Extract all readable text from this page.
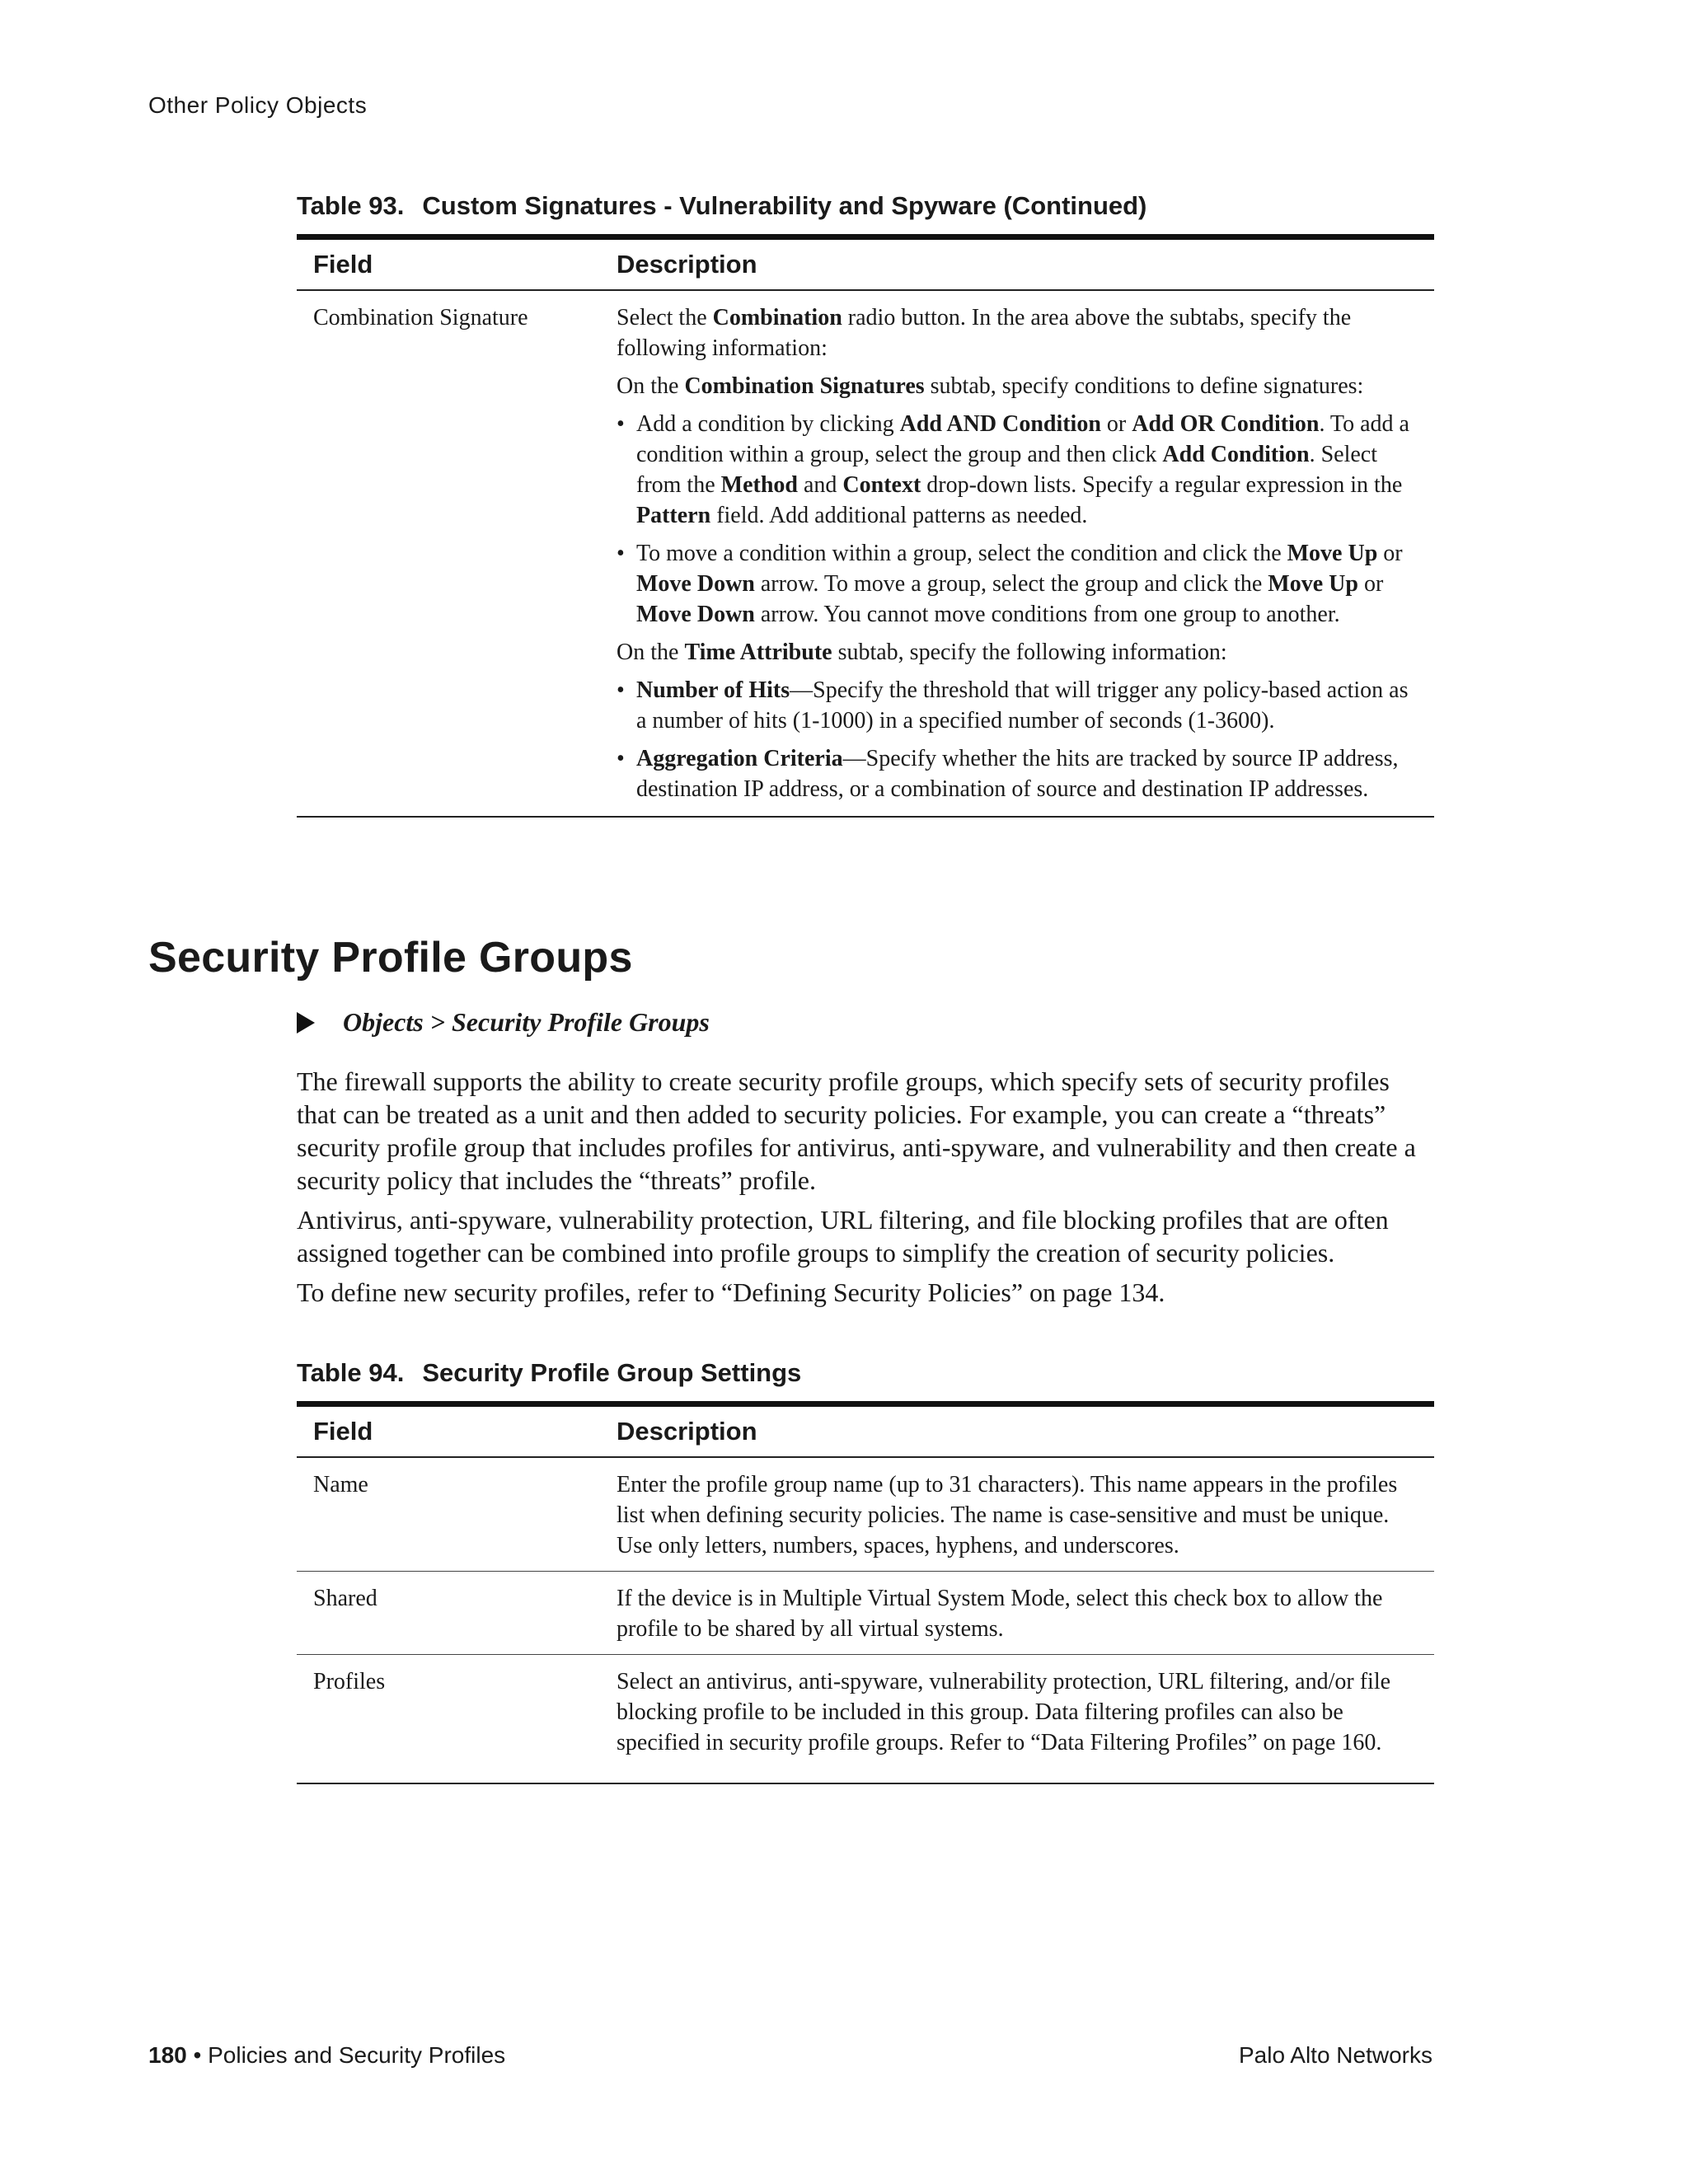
Other Policy Objects
Table 93. Custom Signatures - Vulnerability and Spyware (Continued)
Field	Description
Combination Signature	Select the Combination radio button. In the area above the subtabs, specify the following information:

On the Combination Signatures subtab, specify conditions to define signatures:

• Add a condition by clicking Add AND Condition or Add OR Condition. To add a condition within a group, select the group and then click Add Condition. Select from the Method and Context drop-down lists. Specify a regular expression in the Pattern field. Add additional patterns as needed.
• To move a condition within a group, select the condition and click the Move Up or Move Down arrow. To move a group, select the group and click the Move Up or Move Down arrow. You cannot move conditions from one group to another.

On the Time Attribute subtab, specify the following information:

• Number of Hits—Specify the threshold that will trigger any policy-based action as a number of hits (1-1000) in a specified number of seconds (1-3600).
• Aggregation Criteria—Specify whether the hits are tracked by source IP address, destination IP address, or a combination of source and destination IP addresses.
Security Profile Groups
Objects > Security Profile Groups

The firewall supports the ability to create security profile groups, which specify sets of security profiles that can be treated as a unit and then added to security policies. For example, you can create a “threats” security profile group that includes profiles for antivirus, anti-spyware, and vulnerability and then create a security policy that includes the “threats” profile.

Antivirus, anti-spyware, vulnerability protection, URL filtering, and file blocking profiles that are often assigned together can be combined into profile groups to simplify the creation of security policies.

To define new security profiles, refer to “Defining Security Policies” on page 134.

Table 94. Security Profile Group Settings
Field	Description
Name	Enter the profile group name (up to 31 characters). This name appears in the profiles list when defining security policies. The name is case-sensitive and must be unique. Use only letters, numbers, spaces, hyphens, and underscores.
Shared	If the device is in Multiple Virtual System Mode, select this check box to allow the profile to be shared by all virtual systems.
Profiles	Select an antivirus, anti-spyware, vulnerability protection, URL filtering, and/or file blocking profile to be included in this group. Data filtering profiles can also be specified in security profile groups. Refer to “Data Filtering Profiles” on page 160.
180 • Policies and Security Profiles	Palo Alto Networks
